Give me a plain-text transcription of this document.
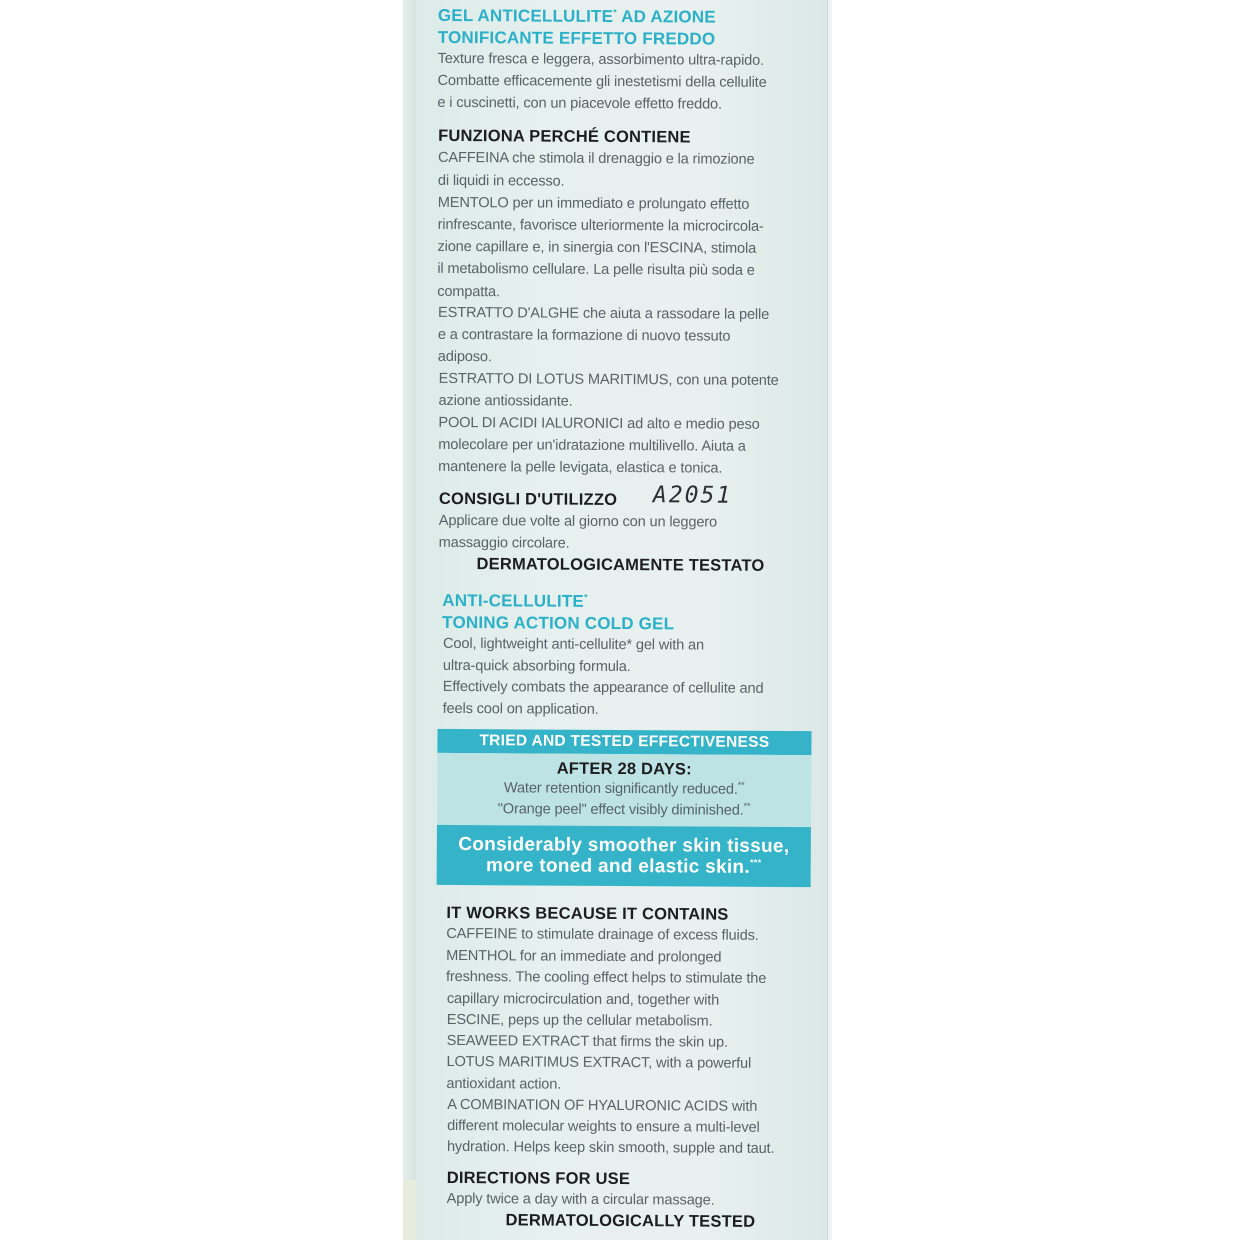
GEL ANTICELLULITE* AD AZIONE
TONIFICANTE EFFETTO FREDDO
Texture fresca e leggera, assorbimento ultra-rapido.
Combatte efficacemente gli inestetismi della cellulite
e i cuscinetti, con un piacevole effetto freddo.
FUNZIONA PERCHÉ CONTIENE
CAFFEINA che stimola il drenaggio e la rimozione
di liquidi in eccesso.
MENTOLO per un immediato e prolungato effetto
rinfrescante, favorisce ulteriormente la microcircola-
zione capillare e, in sinergia con l'ESCINA, stimola
il metabolismo cellulare. La pelle risulta più soda e
compatta.
ESTRATTO D'ALGHE che aiuta a rassodare la pelle
e a contrastare la formazione di nuovo tessuto
adiposo.
ESTRATTO DI LOTUS MARITIMUS, con una potente
azione antiossidante.
POOL DI ACIDI IALURONICI ad alto e medio peso
molecolare per un'idratazione multilivello. Aiuta a
mantenere la pelle levigata, elastica e tonica.
CONSIGLI D'UTILIZZO A2051
Applicare due volte al giorno con un leggero
massaggio circolare.
DERMATOLOGICAMENTE TESTATO
ANTI-CELLULITE*
TONING ACTION COLD GEL
Cool, lightweight anti-cellulite* gel with an
ultra-quick absorbing formula.
Effectively combats the appearance of cellulite and
feels cool on application.
TRIED AND TESTED EFFECTIVENESS
AFTER 28 DAYS:
Water retention significantly reduced.**
"Orange peel" effect visibly diminished.**
Considerably smoother skin tissue,
more toned and elastic skin.***
IT WORKS BECAUSE IT CONTAINS
CAFFEINE to stimulate drainage of excess fluids.
MENTHOL for an immediate and prolonged
freshness. The cooling effect helps to stimulate the
capillary microcirculation and, together with
ESCINE, peps up the cellular metabolism.
SEAWEED EXTRACT that firms the skin up.
LOTUS MARITIMUS EXTRACT, with a powerful
antioxidant action.
A COMBINATION OF HYALURONIC ACIDS with
different molecular weights to ensure a multi-level
hydration. Helps keep skin smooth, supple and taut.
DIRECTIONS FOR USE
Apply twice a day with a circular massage.
DERMATOLOGICALLY TESTED
